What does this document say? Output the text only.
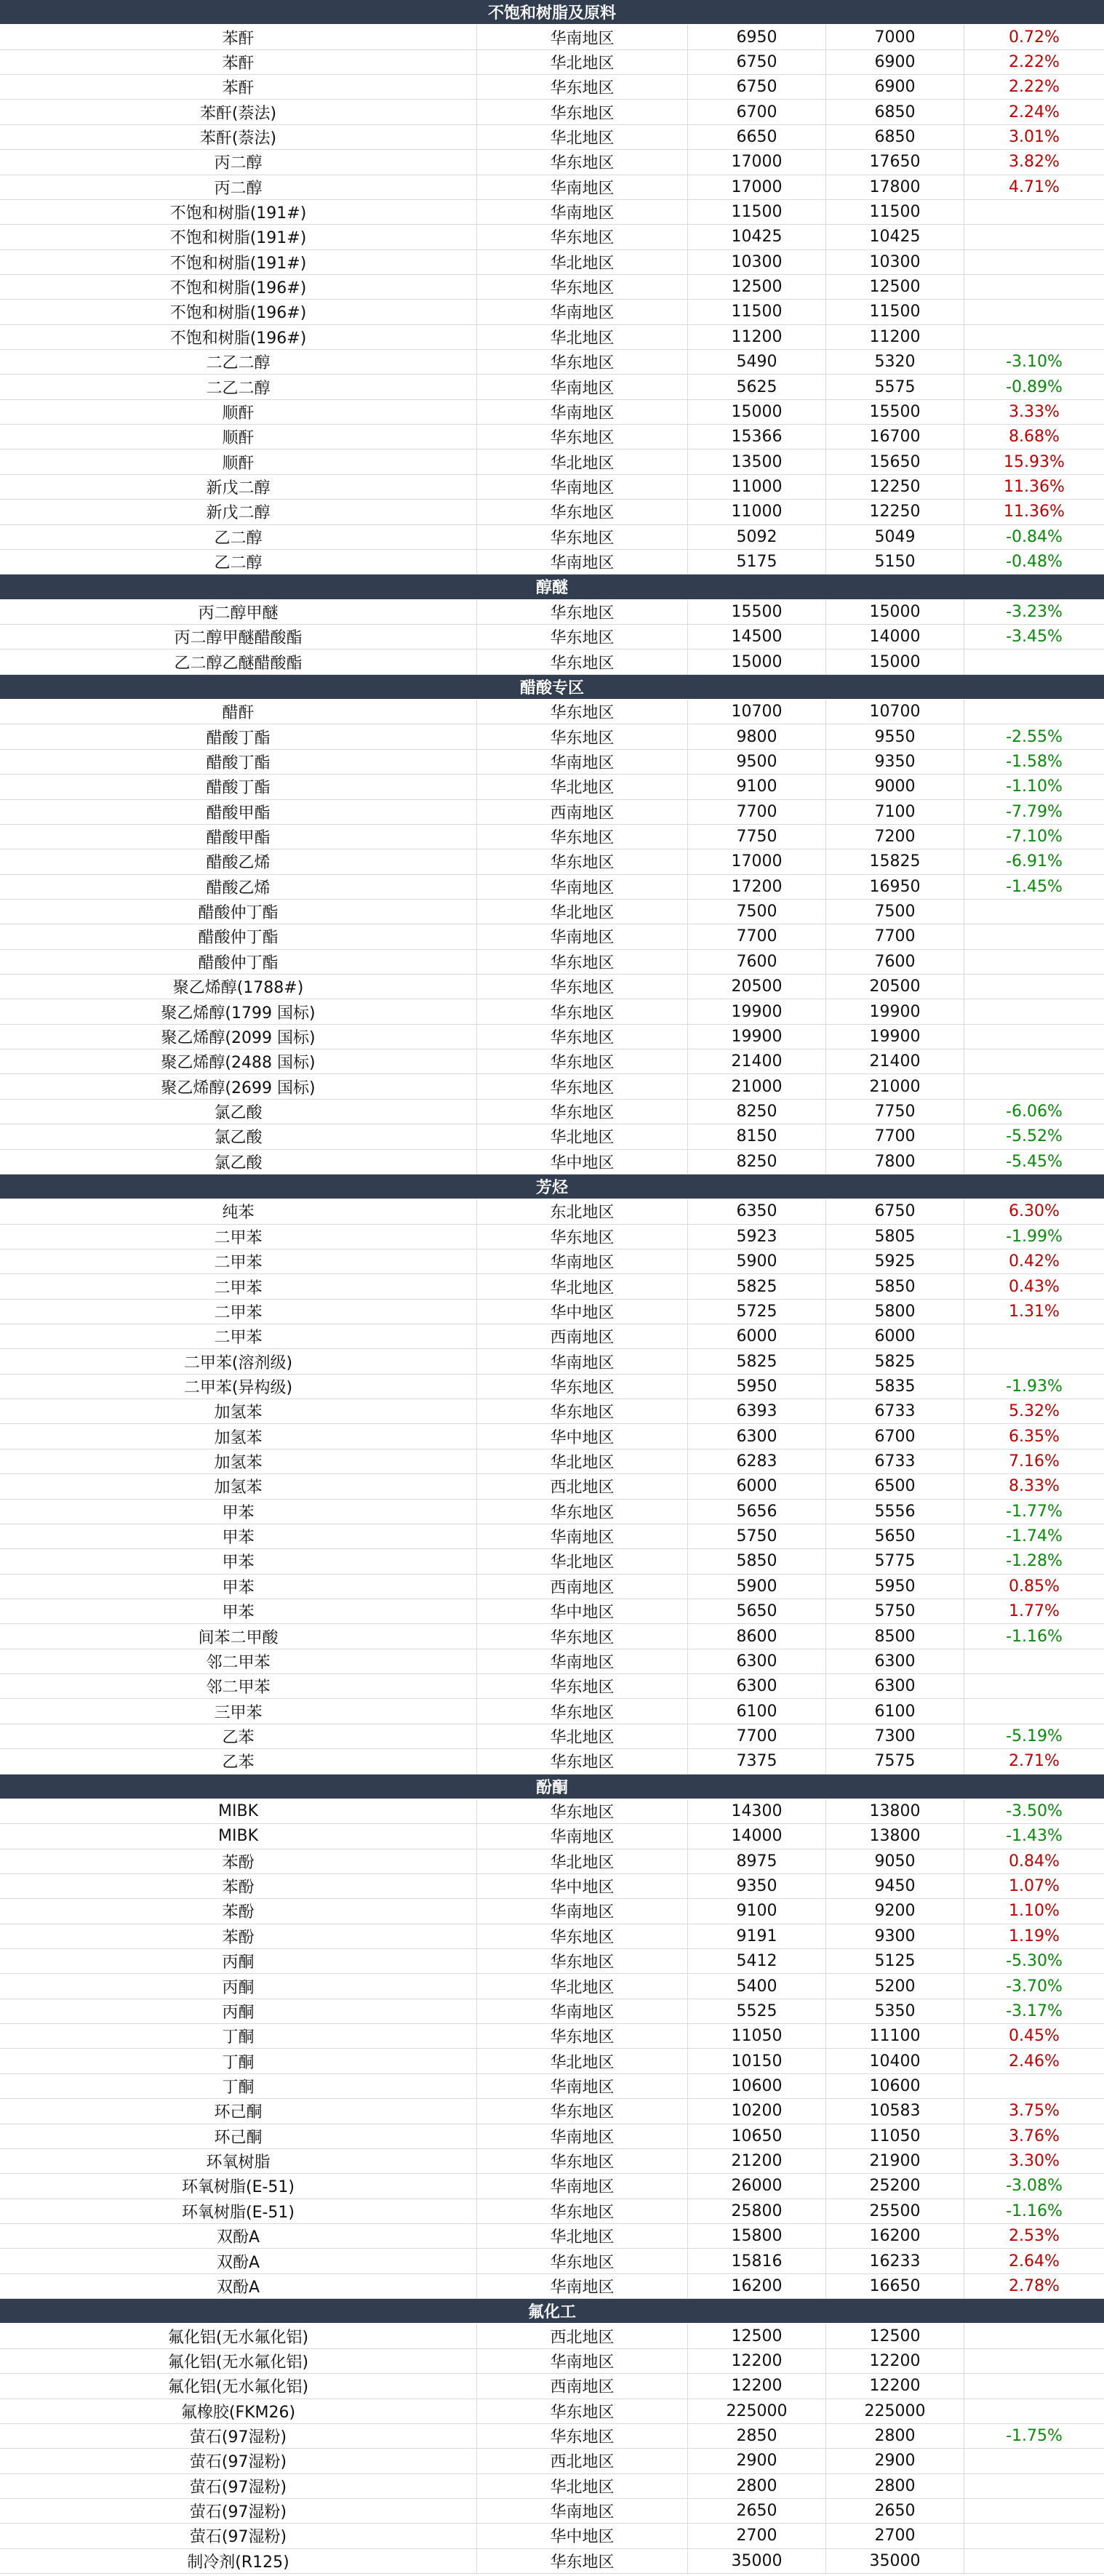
不饱和树脂及原料
苯酐	华南地区	6950	7000	0.72%
苯酐	华北地区	6750	6900	2.22%
苯酐	华东地区	6750	6900	2.22%
苯酐(萘法)	华东地区	6700	6850	2.24%
苯酐(萘法)	华北地区	6650	6850	3.01%
丙二醇	华东地区	17000	17650	3.82%
丙二醇	华南地区	17000	17800	4.71%
不饱和树脂(191#)	华南地区	11500	11500
不饱和树脂(191#)	华东地区	10425	10425
不饱和树脂(191#)	华北地区	10300	10300
不饱和树脂(196#)	华东地区	12500	12500
不饱和树脂(196#)	华南地区	11500	11500
不饱和树脂(196#)	华北地区	11200	11200
二乙二醇	华东地区	5490	5320	-3.10%
二乙二醇	华南地区	5625	5575	-0.89%
顺酐	华南地区	15000	15500	3.33%
顺酐	华东地区	15366	16700	8.68%
顺酐	华北地区	13500	15650	15.93%
新戊二醇	华南地区	11000	12250	11.36%
新戊二醇	华东地区	11000	12250	11.36%
乙二醇	华东地区	5092	5049	-0.84%
乙二醇	华南地区	5175	5150	-0.48%
醇醚
丙二醇甲醚	华东地区	15500	15000	-3.23%
丙二醇甲醚醋酸酯	华东地区	14500	14000	-3.45%
乙二醇乙醚醋酸酯	华东地区	15000	15000
醋酸专区
醋酐	华东地区	10700	10700
醋酸丁酯	华东地区	9800	9550	-2.55%
醋酸丁酯	华南地区	9500	9350	-1.58%
醋酸丁酯	华北地区	9100	9000	-1.10%
醋酸甲酯	西南地区	7700	7100	-7.79%
醋酸甲酯	华东地区	7750	7200	-7.10%
醋酸乙烯	华东地区	17000	15825	-6.91%
醋酸乙烯	华南地区	17200	16950	-1.45%
醋酸仲丁酯	华北地区	7500	7500
醋酸仲丁酯	华南地区	7700	7700
醋酸仲丁酯	华东地区	7600	7600
聚乙烯醇(1788#)	华东地区	20500	20500
聚乙烯醇(1799 国标)	华东地区	19900	19900
聚乙烯醇(2099 国标)	华东地区	19900	19900
聚乙烯醇(2488 国标)	华东地区	21400	21400
聚乙烯醇(2699 国标)	华东地区	21000	21000
氯乙酸	华东地区	8250	7750	-6.06%
氯乙酸	华北地区	8150	7700	-5.52%
氯乙酸	华中地区	8250	7800	-5.45%
芳烃
纯苯	东北地区	6350	6750	6.30%
二甲苯	华东地区	5923	5805	-1.99%
二甲苯	华南地区	5900	5925	0.42%
二甲苯	华北地区	5825	5850	0.43%
二甲苯	华中地区	5725	5800	1.31%
二甲苯	西南地区	6000	6000
二甲苯(溶剂级)	华南地区	5825	5825
二甲苯(异构级)	华东地区	5950	5835	-1.93%
加氢苯	华东地区	6393	6733	5.32%
加氢苯	华中地区	6300	6700	6.35%
加氢苯	华北地区	6283	6733	7.16%
加氢苯	西北地区	6000	6500	8.33%
甲苯	华东地区	5656	5556	-1.77%
甲苯	华南地区	5750	5650	-1.74%
甲苯	华北地区	5850	5775	-1.28%
甲苯	西南地区	5900	5950	0.85%
甲苯	华中地区	5650	5750	1.77%
间苯二甲酸	华东地区	8600	8500	-1.16%
邻二甲苯	华南地区	6300	6300
邻二甲苯	华东地区	6300	6300
三甲苯	华东地区	6100	6100
乙苯	华北地区	7700	7300	-5.19%
乙苯	华东地区	7375	7575	2.71%
酚酮
MIBK	华东地区	14300	13800	-3.50%
MIBK	华南地区	14000	13800	-1.43%
苯酚	华北地区	8975	9050	0.84%
苯酚	华中地区	9350	9450	1.07%
苯酚	华南地区	9100	9200	1.10%
苯酚	华东地区	9191	9300	1.19%
丙酮	华东地区	5412	5125	-5.30%
丙酮	华北地区	5400	5200	-3.70%
丙酮	华南地区	5525	5350	-3.17%
丁酮	华东地区	11050	11100	0.45%
丁酮	华北地区	10150	10400	2.46%
丁酮	华南地区	10600	10600
环己酮	华东地区	10200	10583	3.75%
环己酮	华南地区	10650	11050	3.76%
环氧树脂	华东地区	21200	21900	3.30%
环氧树脂(E-51)	华南地区	26000	25200	-3.08%
环氧树脂(E-51)	华东地区	25800	25500	-1.16%
双酚A	华北地区	15800	16200	2.53%
双酚A	华东地区	15816	16233	2.64%
双酚A	华南地区	16200	16650	2.78%
氟化工
氟化铝(无水氟化铝)	西北地区	12500	12500
氟化铝(无水氟化铝)	华南地区	12200	12200
氟化铝(无水氟化铝)	西南地区	12200	12200
氟橡胶(FKM26)	华东地区	225000	225000
萤石(97湿粉)	华东地区	2850	2800	-1.75%
萤石(97湿粉)	西北地区	2900	2900
萤石(97湿粉)	华北地区	2800	2800
萤石(97湿粉)	华南地区	2650	2650
萤石(97湿粉)	华中地区	2700	2700
制冷剂(R125)	华东地区	35000	35000
